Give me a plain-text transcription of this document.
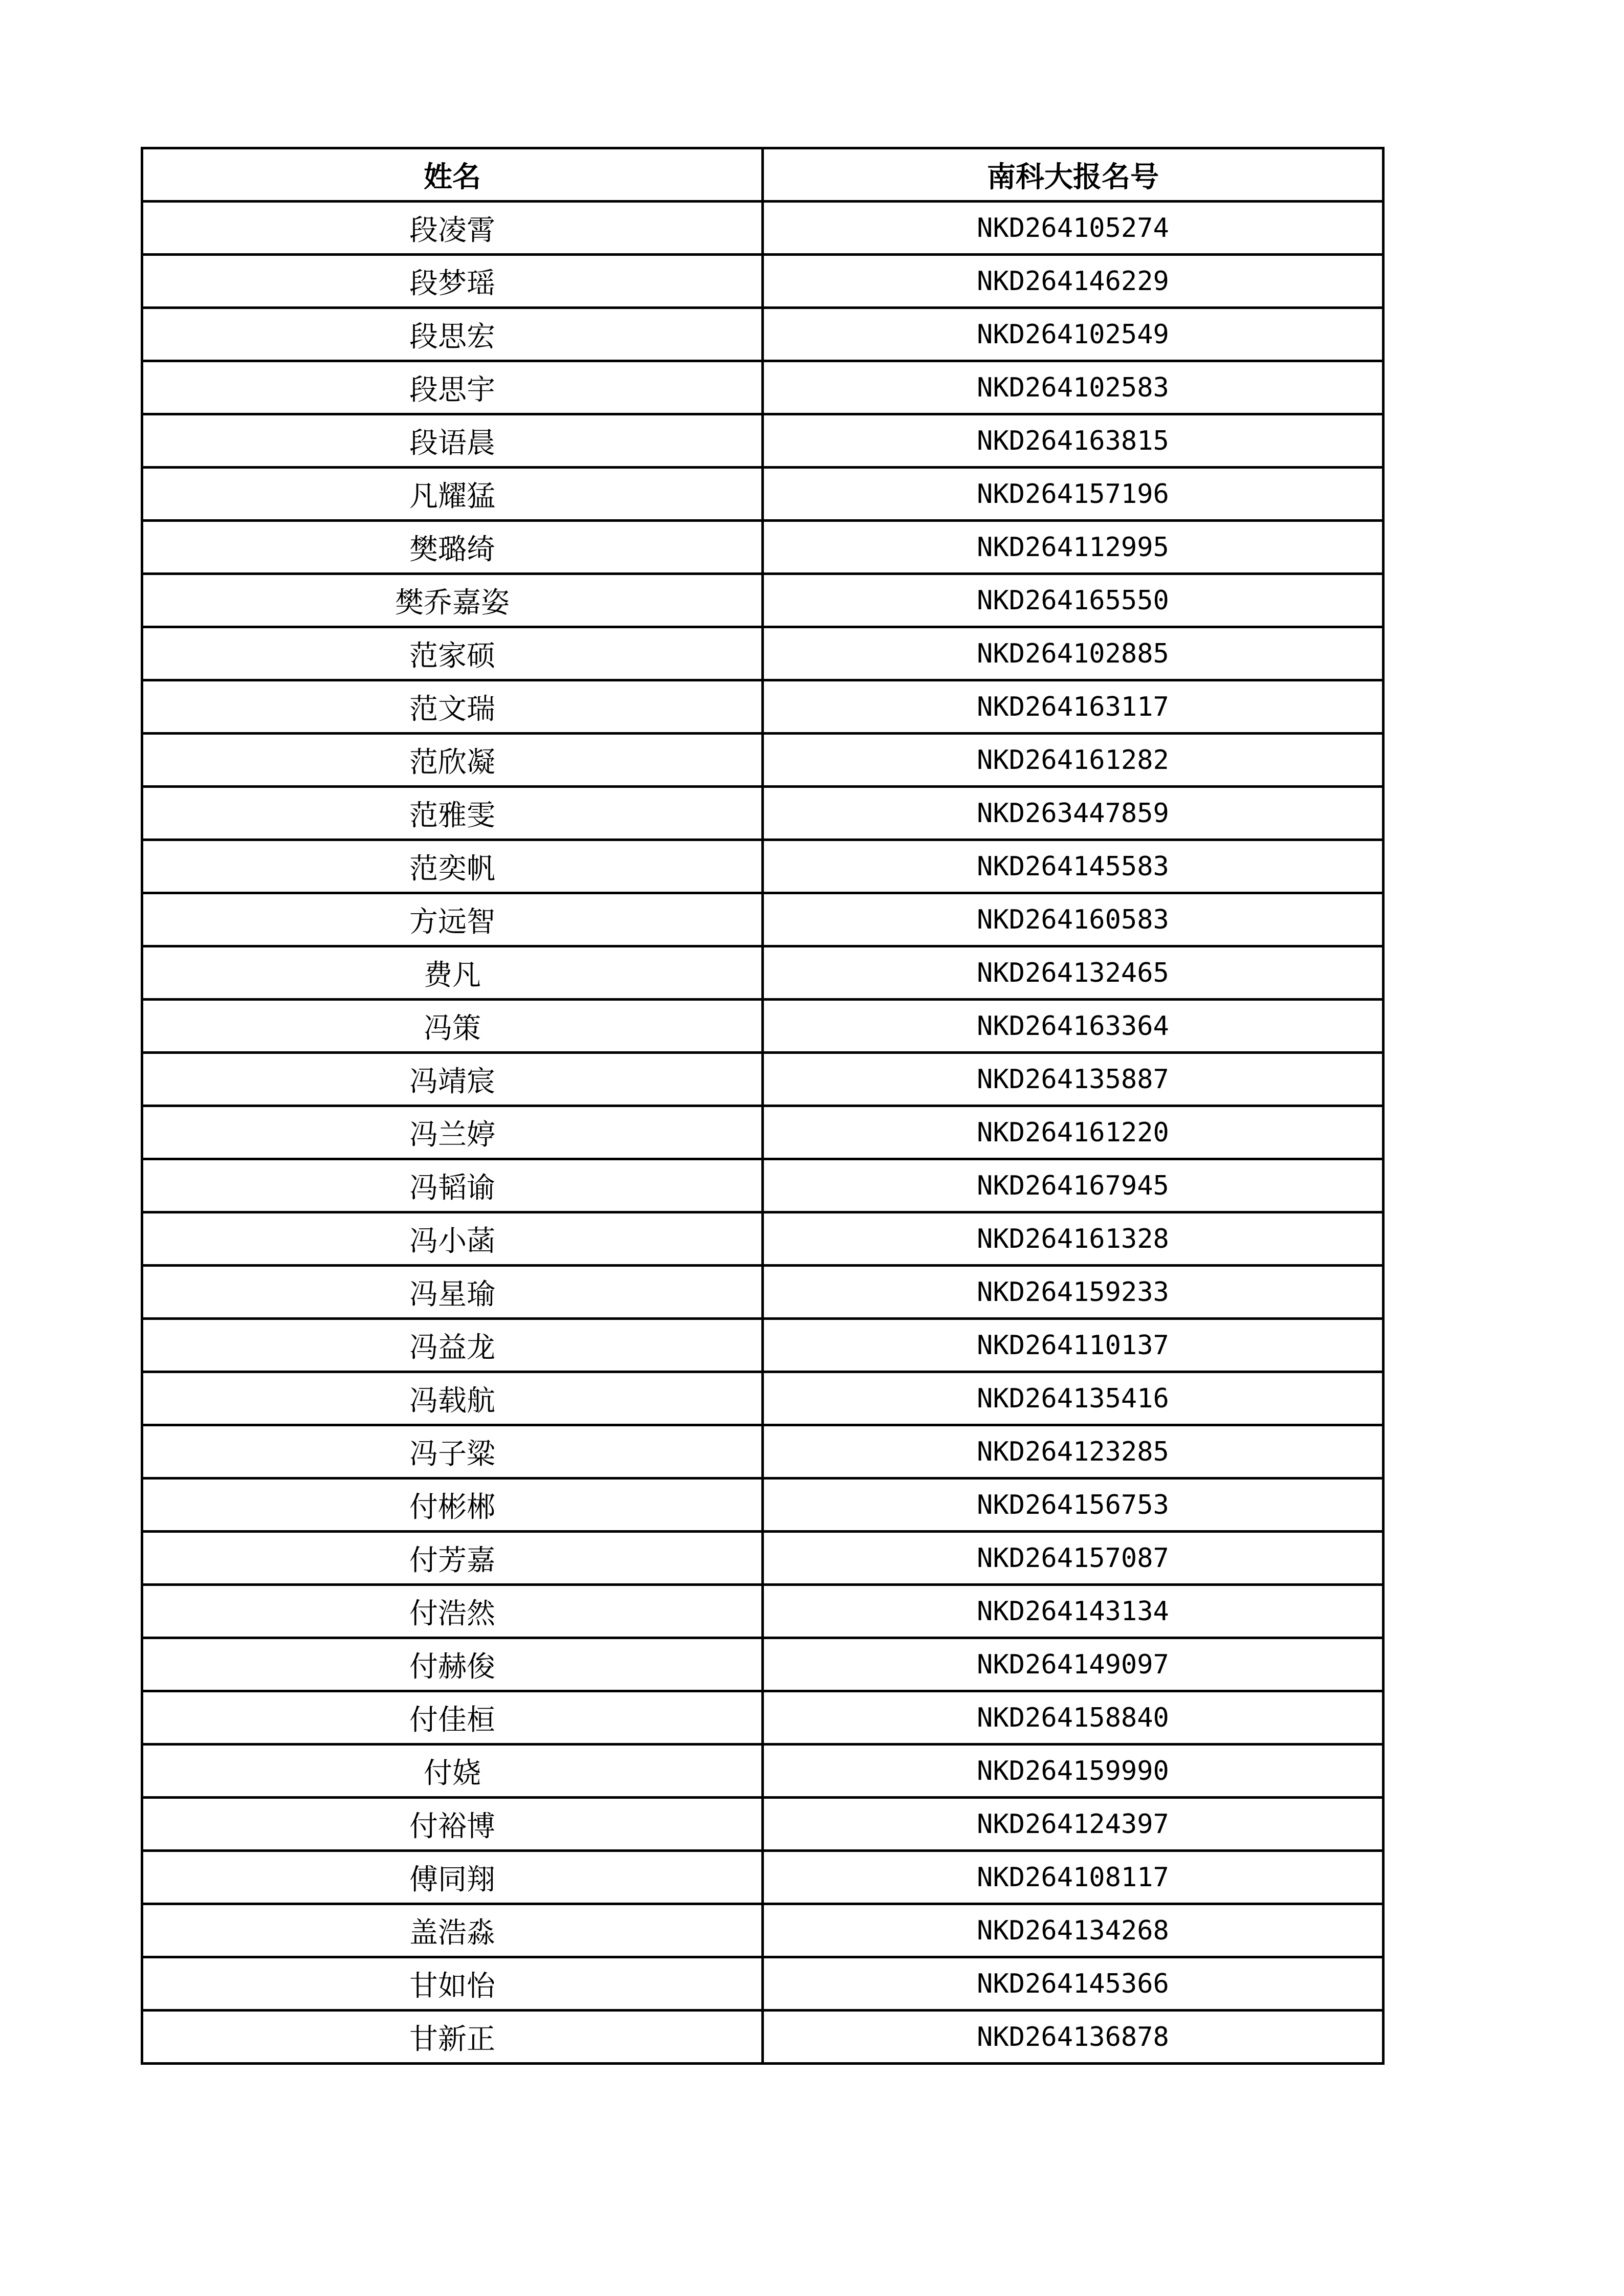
姓名	南科大报名号
段凌霄	NKD264105274
段梦瑶	NKD264146229
段思宏	NKD264102549
段思宇	NKD264102583
段语晨	NKD264163815
凡耀猛	NKD264157196
樊璐绮	NKD264112995
樊乔嘉姿	NKD264165550
范家硕	NKD264102885
范文瑞	NKD264163117
范欣凝	NKD264161282
范雅雯	NKD263447859
范奕帆	NKD264145583
方远智	NKD264160583
费凡	NKD264132465
冯策	NKD264163364
冯靖宸	NKD264135887
冯兰婷	NKD264161220
冯韬谕	NKD264167945
冯小菡	NKD264161328
冯星瑜	NKD264159233
冯益龙	NKD264110137
冯载航	NKD264135416
冯子粱	NKD264123285
付彬郴	NKD264156753
付芳嘉	NKD264157087
付浩然	NKD264143134
付赫俊	NKD264149097
付佳桓	NKD264158840
付娆	NKD264159990
付裕博	NKD264124397
傅同翔	NKD264108117
盖浩淼	NKD264134268
甘如怡	NKD264145366
甘新正	NKD264136878
